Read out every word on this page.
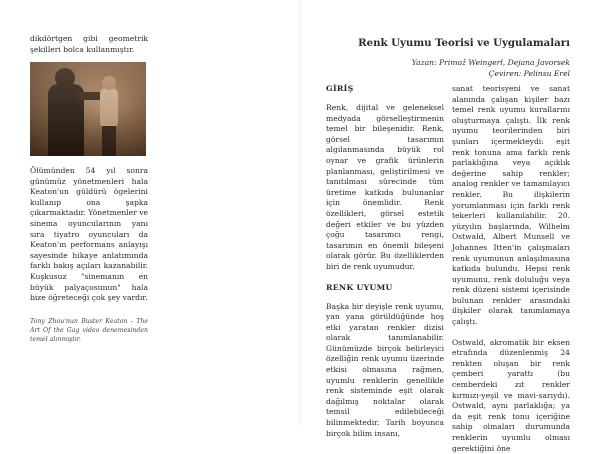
dikdörtgen gibi geometrik şekilleri bolca kullanmıştır.

Ölümünden 54 yıl sonra günümüz yönetmenleri hala Keaton'un güldürü ögelerini kullanıp ona şapka çıkarmaktadır. Yönetmenler ve sinema oyuncularının yanı sıra tiyatro oyuncuları da Keaton'ın performans anlayışı sayesinde hikaye anlatımında farklı bakış açıları kazanabilir. Kuşkusuz "sinemanın en büyük palyaçosunun" hala bize öğreteceği çok şey vardır.

Tony Zhou'nun Buster Keaton - The Art Of the Gag video denemesinden temel alınmıştır.

Renk Uyumu Teorisi ve Uygulamaları
Yazan: Primož Weingerl, Dejana Javorsek
Çeviren: Pelinsu Erel

GİRİŞ

Renk, dijital ve geleneksel medyada görselleştirmenin temel bir bileşenidir. Renk, görsel tasarımın algılanmasında büyük rol oynar ve grafik ürünlerin planlanması, geliştirilmesi ve tanıtılması sürecinde tüm üretime katkıda bulunanlar için önemlidir. Renk özellikleri, görsel estetik değeri etkiler ve bu yüzden çoğu tasarımcı rengi, tasarımın en önemli bileşeni olarak görür. Bu özelliklerden biri de renk uyumudur.

RENK UYUMU

Başka bir deyişle renk uyumu, yan yana görüldüğünde hoş etki yaratan renkler dizisi olarak tanımlanabilir. Günümüzde birçok belirleyici özelliğin renk uyumu üzerinde etkisi olmasına rağmen, uyumlu renklerin genellikle renk sisteminde eşit olarak dağılmış noktalar olarak temsil edilebileceği bilinmektedir. Tarih boyunca birçok bilim insanı,

sanat teorisyeni ve sanat alanında çalışan kişiler bazı temel renk uyumu kurallarını oluşturmaya çalıştı. İlk renk uyumu teorilerinden biri şunları içermekteydi: eşit renk tonuna ama farklı renk parlaklığına veya açıklık değerine sahip renkler; analog renkler ve tamamlayıcı renkler. Bu ilişkilerin yorumlanması için farklı renk tekerleri kullanılabilir. 20. yüzyılın başlarında, Wilhelm Ostwald, Albert Munsell ve Johannes Itten'in çalışmaları renk uyumunun anlaşılmasına katkıda bulundu. Hepsi renk uyumunu, renk doluluğu veya renk düzeni sistemi içerisinde bulunan renkler arasındaki ilişkiler olarak tanımlamaya çalıştı.

Ostwald, akromatik bir eksen etrafında düzenlenmiş 24 renkten oluşan bir renk çemberi yarattı (bu cemberdeki zıt renkler kırmızı-yeşil ve mavi-sarıydı). Ostwald, aynı parlaklığa; ya da eşit renk tonu içeriğine sahip olmaları durumunda renklerin uyumlu olması gerektiğini öne
